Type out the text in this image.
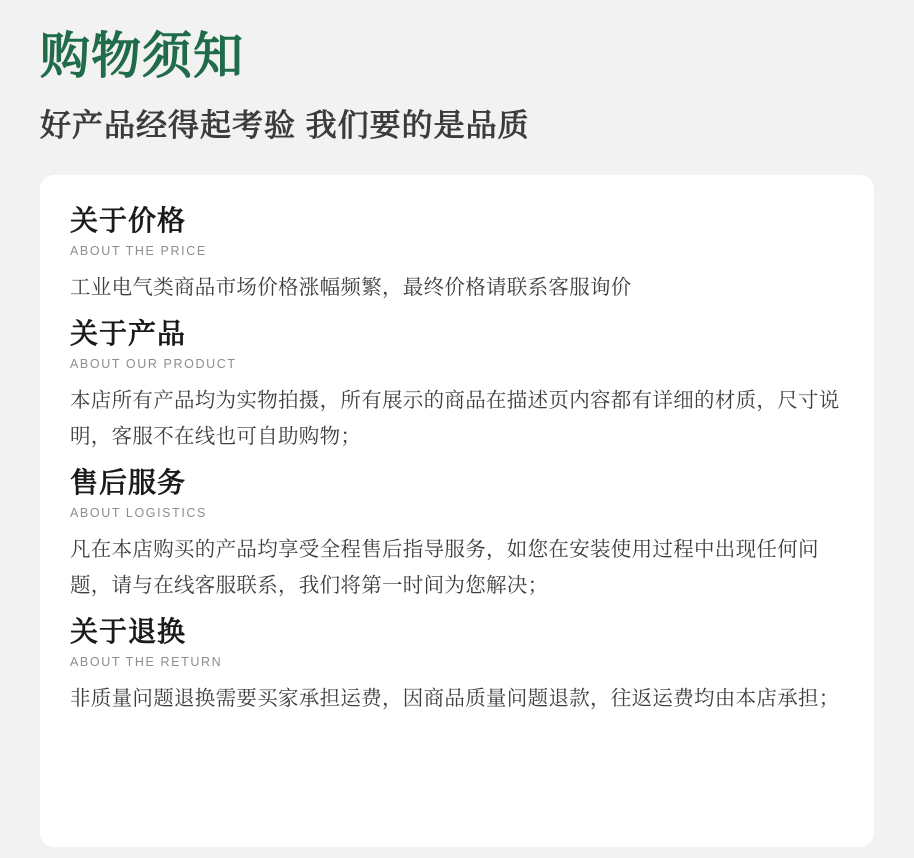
购物须知
好产品经得起考验 我们要的是品质
关于价格
ABOUT THE PRICE

工业电气类商品市场价格涨幅频繁，最终价格请联系客服询价

关于产品
ABOUT OUR PRODUCT

本店所有产品均为实物拍摄，所有展示的商品在描述页内容都有详细的材质，尺寸说明，客服不在线也可自助购物；

售后服务
ABOUT LOGISTICS

凡在本店购买的产品均享受全程售后指导服务，如您在安装使用过程中出现任何问题，请与在线客服联系，我们将第一时间为您解决；

关于退换
ABOUT THE RETURN

非质量问题退换需要买家承担运费，因商品质量问题退款，往返运费均由本店承担；
